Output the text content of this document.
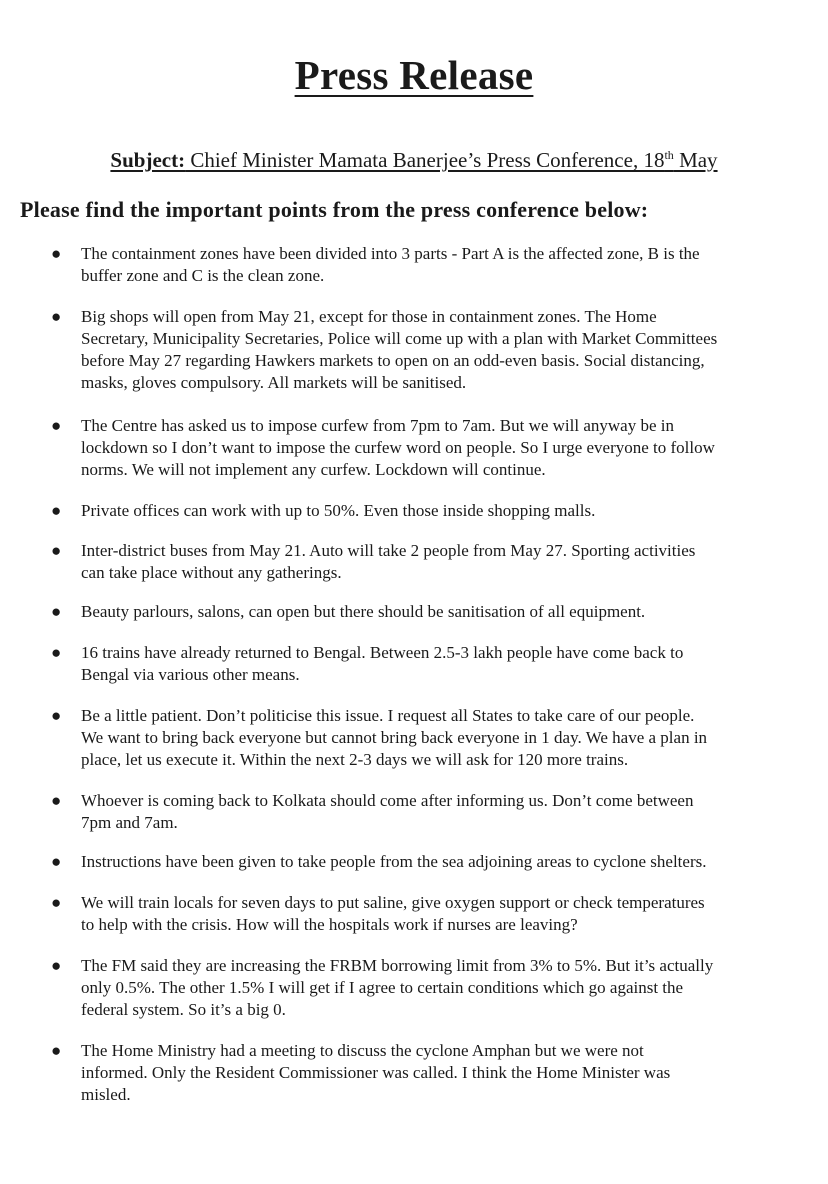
Press Release
Subject: Chief Minister Mamata Banerjee’s Press Conference, 18th May
Please find the important points from the press conference below:
● The containment zones have been divided into 3 parts - Part A is the affected zone, B is the
buffer zone and C is the clean zone.
● Big shops will open from May 21, except for those in containment zones. The Home
Secretary, Municipality Secretaries, Police will come up with a plan with Market Committees
before May 27 regarding Hawkers markets to open on an odd-even basis. Social distancing,
masks, gloves compulsory. All markets will be sanitised.
● The Centre has asked us to impose curfew from 7pm to 7am. But we will anyway be in
lockdown so I don’t want to impose the curfew word on people. So I urge everyone to follow
norms. We will not implement any curfew. Lockdown will continue.
● Private offices can work with up to 50%. Even those inside shopping malls.
● Inter-district buses from May 21. Auto will take 2 people from May 27. Sporting activities
can take place without any gatherings.
● Beauty parlours, salons, can open but there should be sanitisation of all equipment.
● 16 trains have already returned to Bengal. Between 2.5-3 lakh people have come back to
Bengal via various other means.
● Be a little patient. Don’t politicise this issue. I request all States to take care of our people.
We want to bring back everyone but cannot bring back everyone in 1 day. We have a plan in
place, let us execute it. Within the next 2-3 days we will ask for 120 more trains.
● Whoever is coming back to Kolkata should come after informing us. Don’t come between
7pm and 7am.
● Instructions have been given to take people from the sea adjoining areas to cyclone shelters.
● We will train locals for seven days to put saline, give oxygen support or check temperatures
to help with the crisis. How will the hospitals work if nurses are leaving?
● The FM said they are increasing the FRBM borrowing limit from 3% to 5%. But it’s actually
only 0.5%. The other 1.5% I will get if I agree to certain conditions which go against the
federal system. So it’s a big 0.
● The Home Ministry had a meeting to discuss the cyclone Amphan but we were not
informed. Only the Resident Commissioner was called. I think the Home Minister was
misled.
